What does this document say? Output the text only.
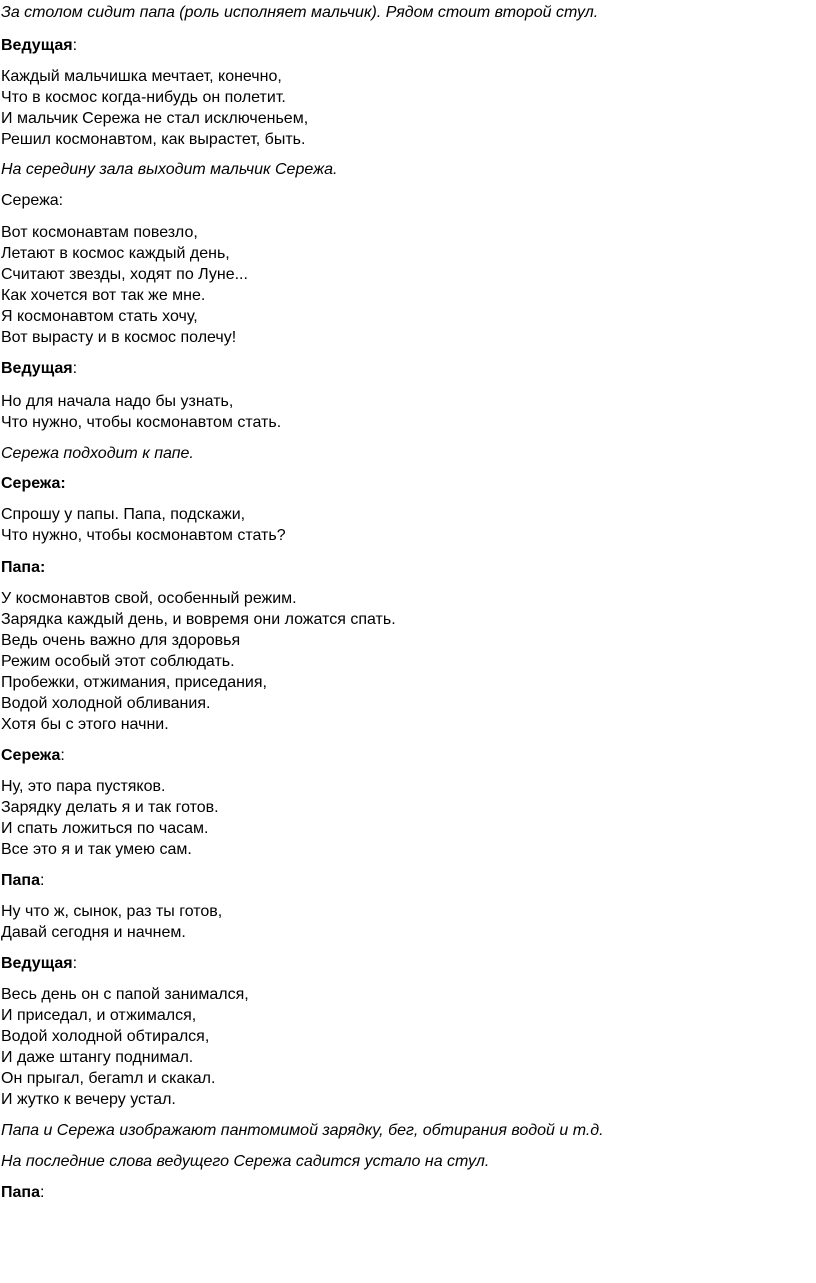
За столом сидит папа (роль исполняет мальчик). Рядом стоит второй стул.
Ведущая:
Каждый мальчишка мечтает, конечно,
Что в космос когда-нибудь он полетит.
И мальчик Сережа не стал исключеньем,
Решил космонавтом, как вырастет, быть.
На середину зала выходит мальчик Сережа.
Сережа:
Вот космонавтам повезло,
Летают в космос каждый день,
Считают звезды, ходят по Луне...
Как хочется вот так же мне.
Я космонавтом стать хочу,
Вот вырасту и в космос полечу!
Ведущая:
Но для начала надо бы узнать,
Что нужно, чтобы космонавтом стать.
Сережа подходит к папе.
Сережа:
Спрошу у папы. Папа, подскажи,
Что нужно, чтобы космонавтом стать?
Папа:
У космонавтов свой, особенный режим.
Зарядка каждый день, и вовремя они ложатся спать.
Ведь очень важно для здоровья
Режим особый этот соблюдать.
Пробежки, отжимания, приседания,
Водой холодной обливания.
Хотя бы с этого начни.
Сережа:
Ну, это пара пустяков.
Зарядку делать я и так готов.
И спать ложиться по часам.
Все это я и так умею сам.
Папа:
Ну что ж, сынок, раз ты готов,
Давай сегодня и начнем.
Ведущая:
Весь день он с папой занимался,
И приседал, и отжимался,
Водой холодной обтирался,
И даже штангу поднимал.
Он прыгал, бегаmл и скакал.
И жутко к вечеру устал.
Папа и Сережа изображают пантомимой зарядку, бег, обтирания водой и т.д.
На последние слова ведущего Сережа садится устало на стул.
Папа:
